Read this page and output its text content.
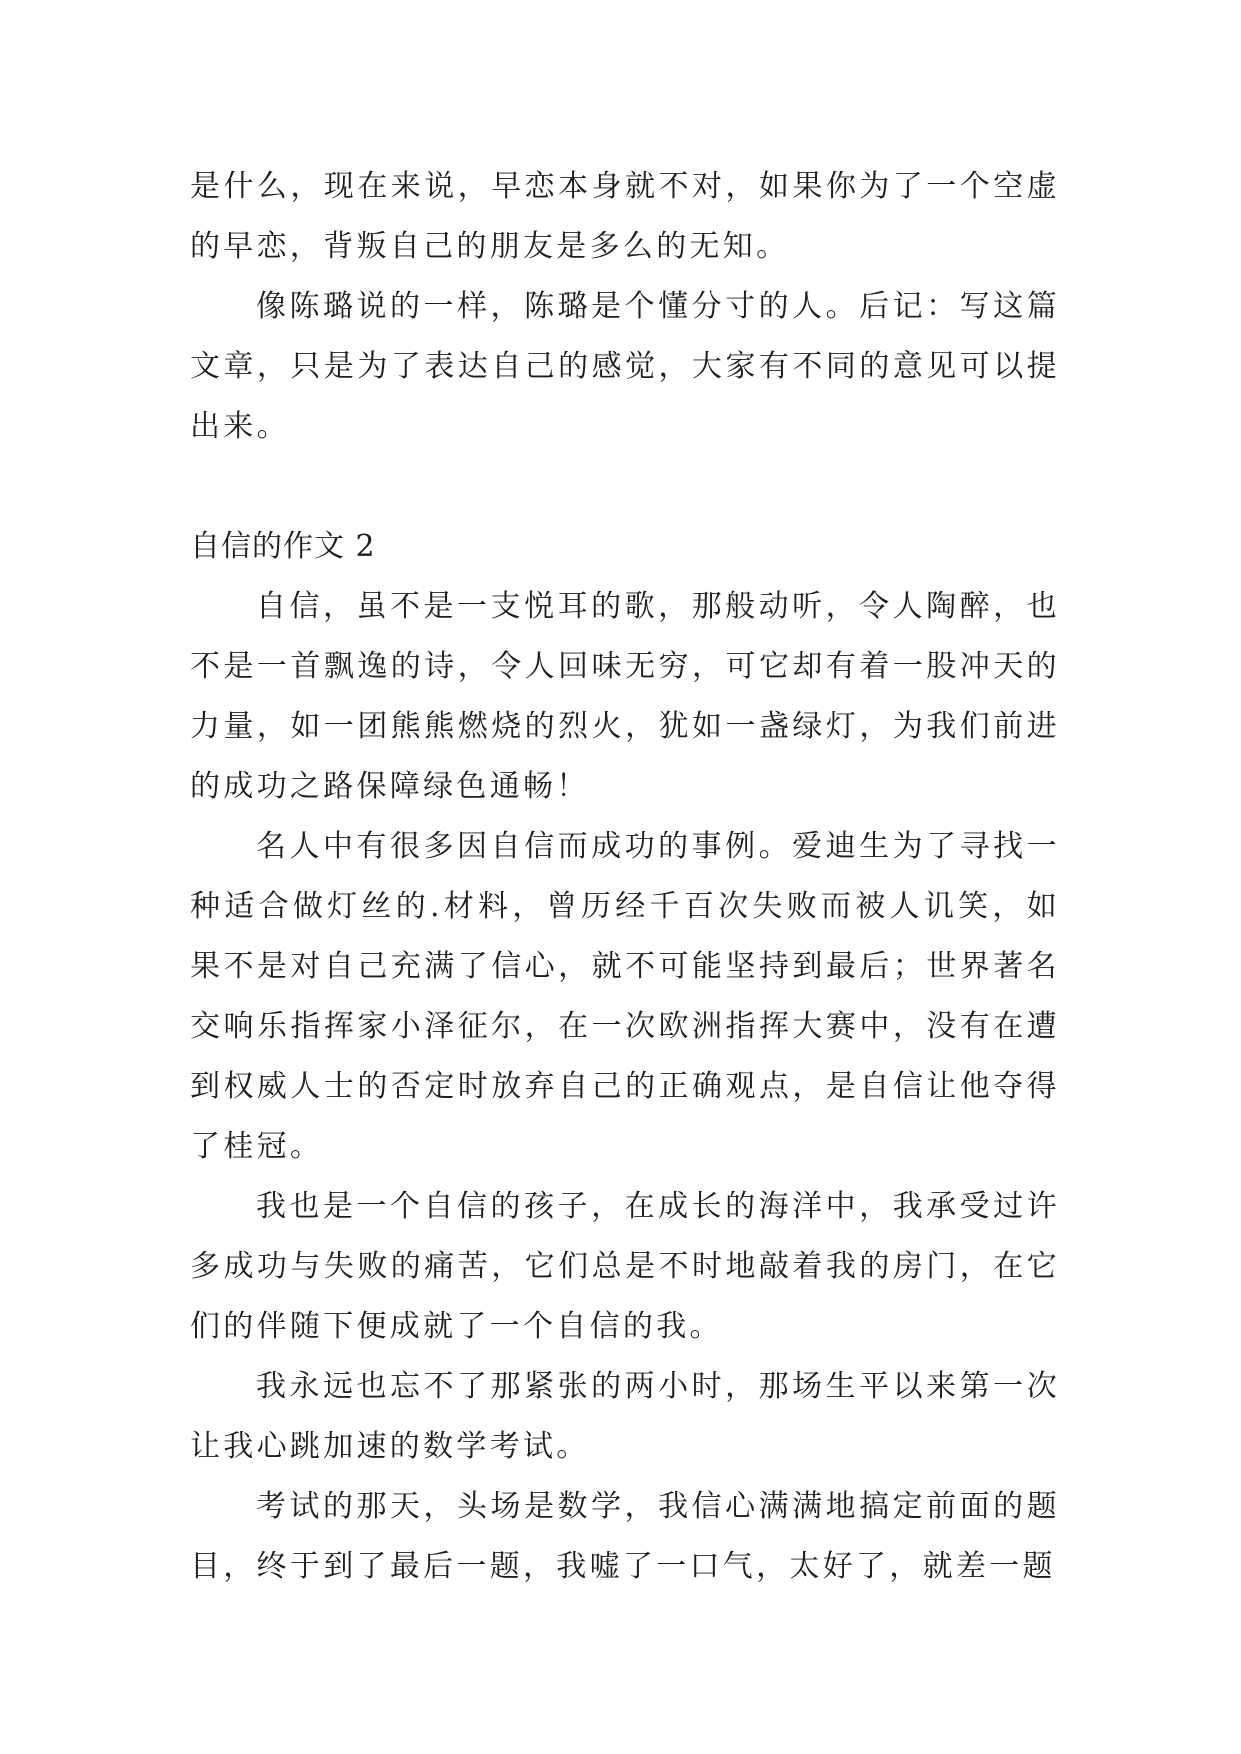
是什么，现在来说，早恋本身就不对，如果你为了一个空虚的早恋，背叛自己的朋友是多么的无知。

像陈璐说的一样，陈璐是个懂分寸的人。后记：写这篇文章，只是为了表达自己的感觉，大家有不同的意见可以提出来。

自信的作文 2

自信，虽不是一支悦耳的歌，那般动听，令人陶醉，也不是一首飘逸的诗，令人回味无穷，可它却有着一股冲天的力量，如一团熊熊燃烧的烈火，犹如一盏绿灯，为我们前进的成功之路保障绿色通畅！

名人中有很多因自信而成功的事例。爱迪生为了寻找一种适合做灯丝的.材料，曾历经千百次失败而被人讥笑，如果不是对自己充满了信心，就不可能坚持到最后；世界著名交响乐指挥家小泽征尔，在一次欧洲指挥大赛中，没有在遭到权威人士的否定时放弃自己的正确观点，是自信让他夺得了桂冠。

我也是一个自信的孩子，在成长的海洋中，我承受过许多成功与失败的痛苦，它们总是不时地敲着我的房门，在它们的伴随下便成就了一个自信的我。

我永远也忘不了那紧张的两小时，那场生平以来第一次让我心跳加速的数学考试。

考试的那天，头场是数学，我信心满满地搞定前面的题目，终于到了最后一题，我嘘了一口气，太好了，就差一题
